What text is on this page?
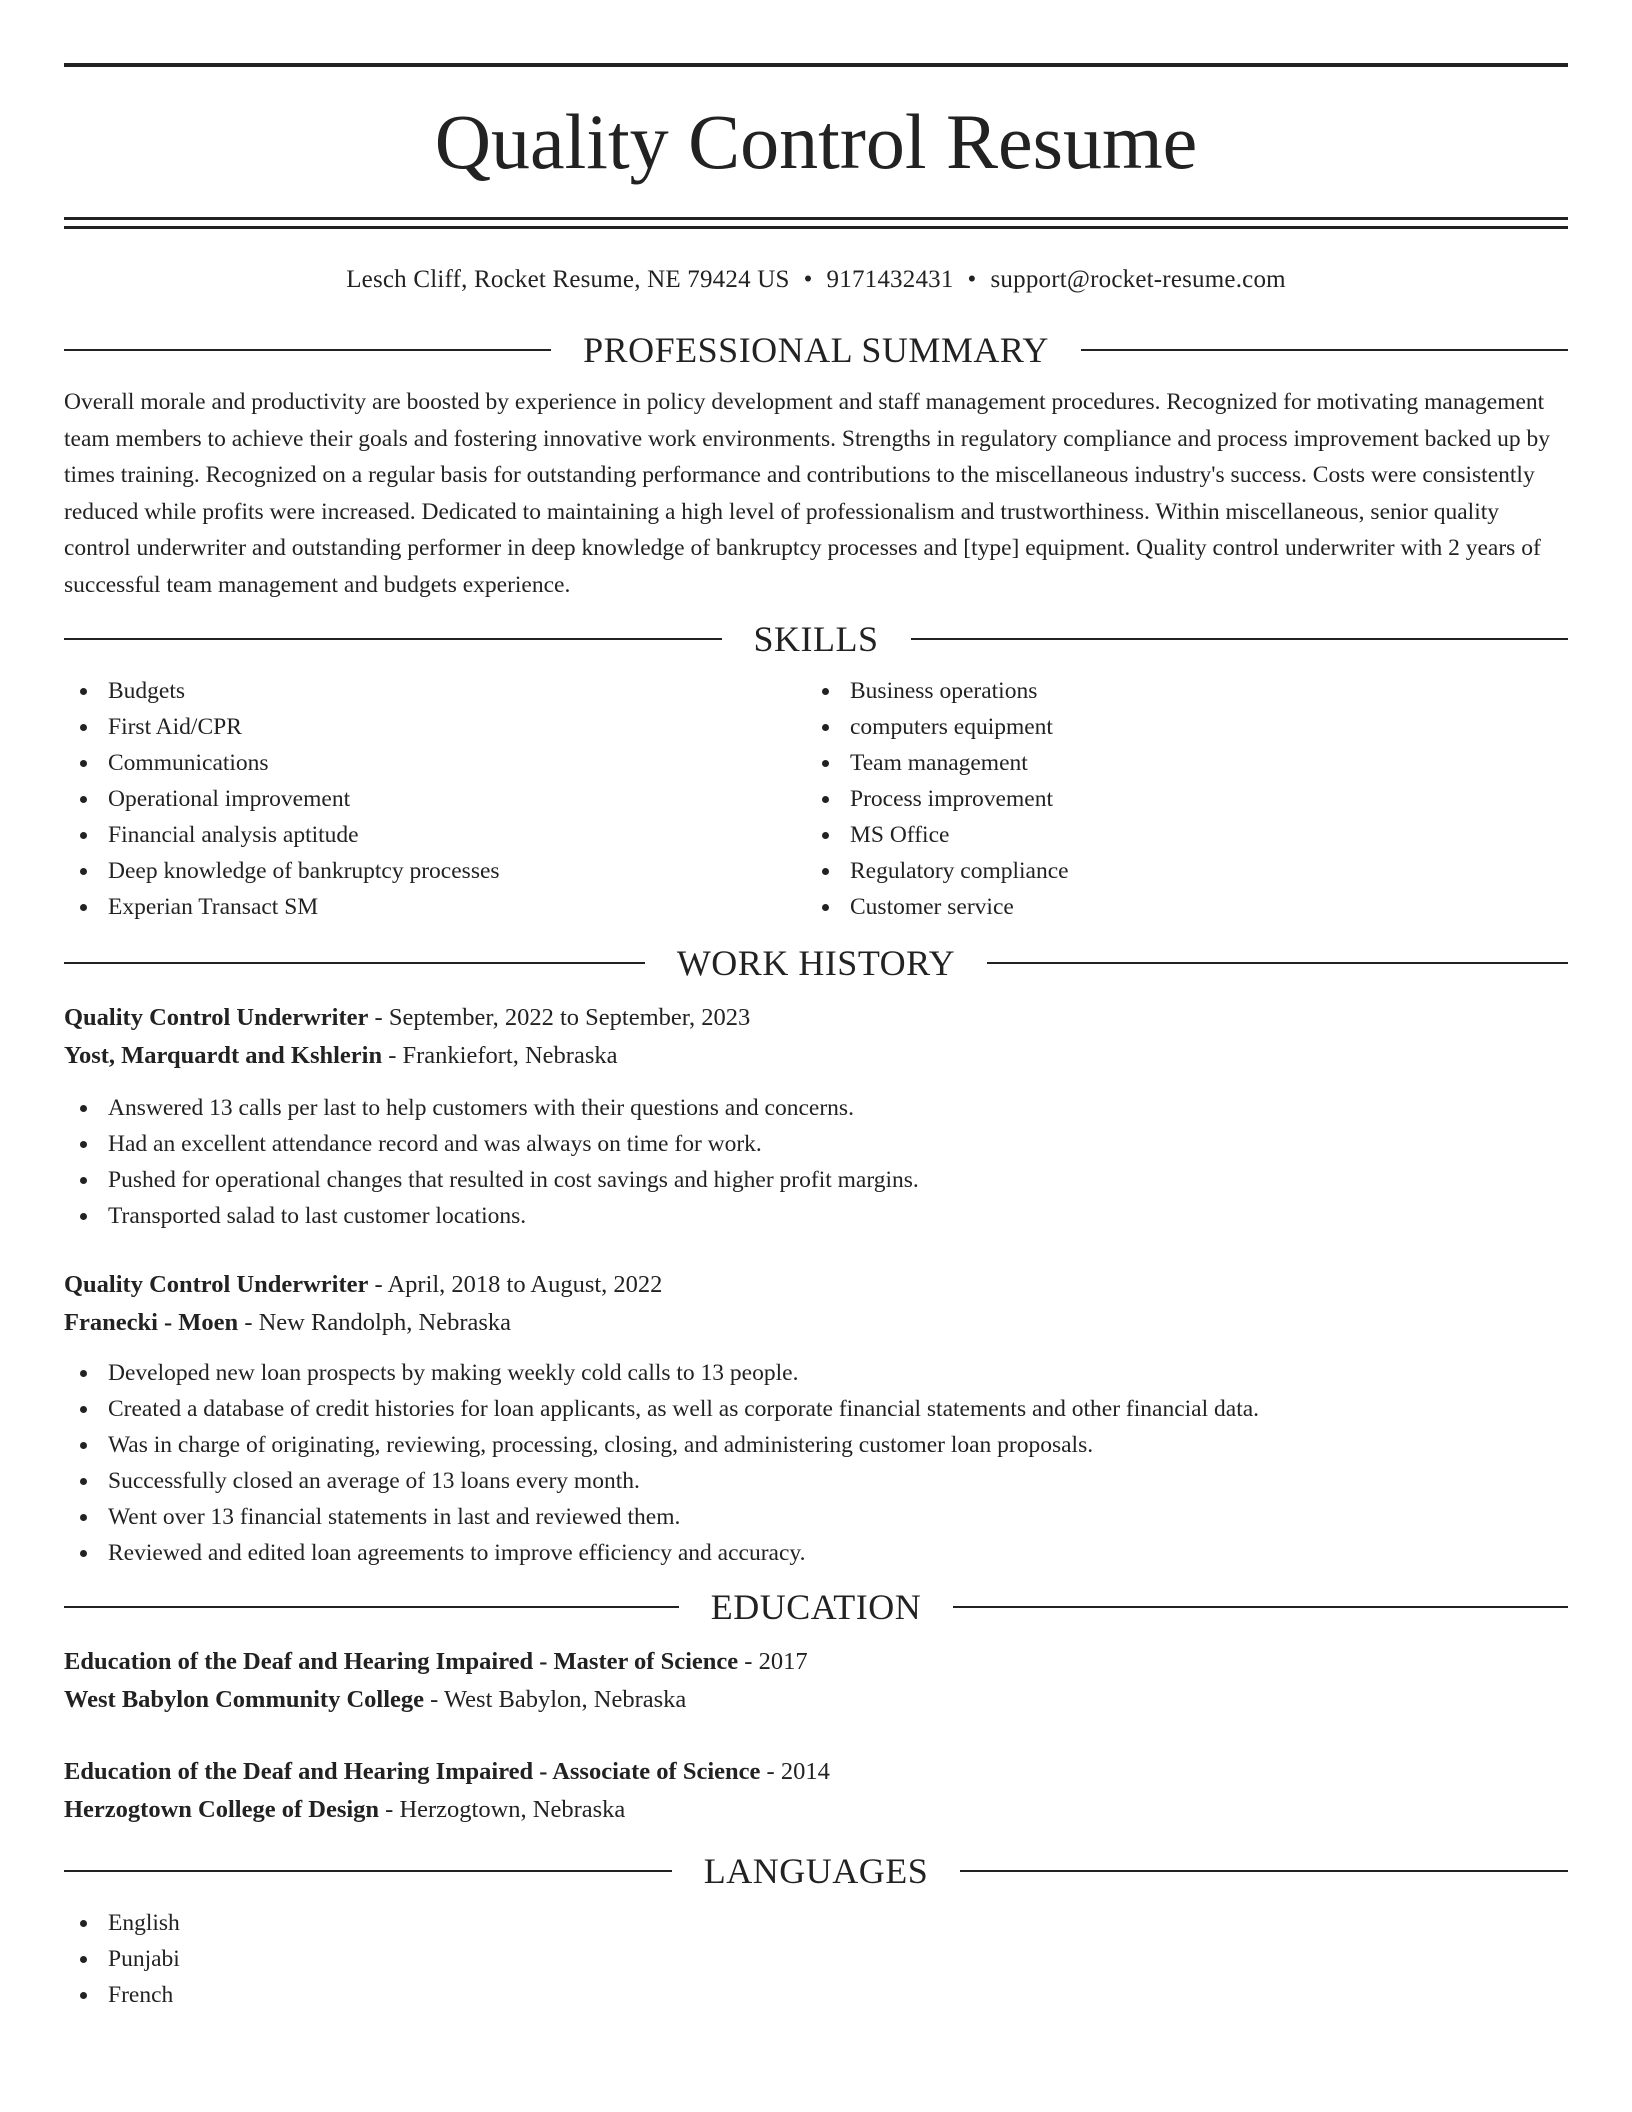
Quality Control Resume
Lesch Cliff, Rocket Resume, NE 79424 US • 9171432431 • support@rocket-resume.com
PROFESSIONAL SUMMARY

Overall morale and productivity are boosted by experience in policy development and staff management procedures. Recognized for motivating management team members to achieve their goals and fostering innovative work environments. Strengths in regulatory compliance and process improvement backed up by times training. Recognized on a regular basis for outstanding performance and contributions to the miscellaneous industry's success. Costs were consistently reduced while profits were increased. Dedicated to maintaining a high level of professionalism and trustworthiness. Within miscellaneous, senior quality control underwriter and outstanding performer in deep knowledge of bankruptcy processes and [type] equipment. Quality control underwriter with 2 years of successful team management and budgets experience.

SKILLS
Budgets
First Aid/CPR
Communications
Operational improvement
Financial analysis aptitude
Deep knowledge of bankruptcy processes
Experian Transact SM
Business operations
computers equipment
Team management
Process improvement
MS Office
Regulatory compliance
Customer service
WORK HISTORY
Quality Control Underwriter - September, 2022 to September, 2023
Yost, Marquardt and Kshlerin - Frankiefort, Nebraska
Answered 13 calls per last to help customers with their questions and concerns.
Had an excellent attendance record and was always on time for work.
Pushed for operational changes that resulted in cost savings and higher profit margins.
Transported salad to last customer locations.
Quality Control Underwriter - April, 2018 to August, 2022
Franecki - Moen - New Randolph, Nebraska
Developed new loan prospects by making weekly cold calls to 13 people.
Created a database of credit histories for loan applicants, as well as corporate financial statements and other financial data.
Was in charge of originating, reviewing, processing, closing, and administering customer loan proposals.
Successfully closed an average of 13 loans every month.
Went over 13 financial statements in last and reviewed them.
Reviewed and edited loan agreements to improve efficiency and accuracy.
EDUCATION
Education of the Deaf and Hearing Impaired - Master of Science - 2017
West Babylon Community College - West Babylon, Nebraska
Education of the Deaf and Hearing Impaired - Associate of Science - 2014
Herzogtown College of Design - Herzogtown, Nebraska
LANGUAGES
English
Punjabi
French
